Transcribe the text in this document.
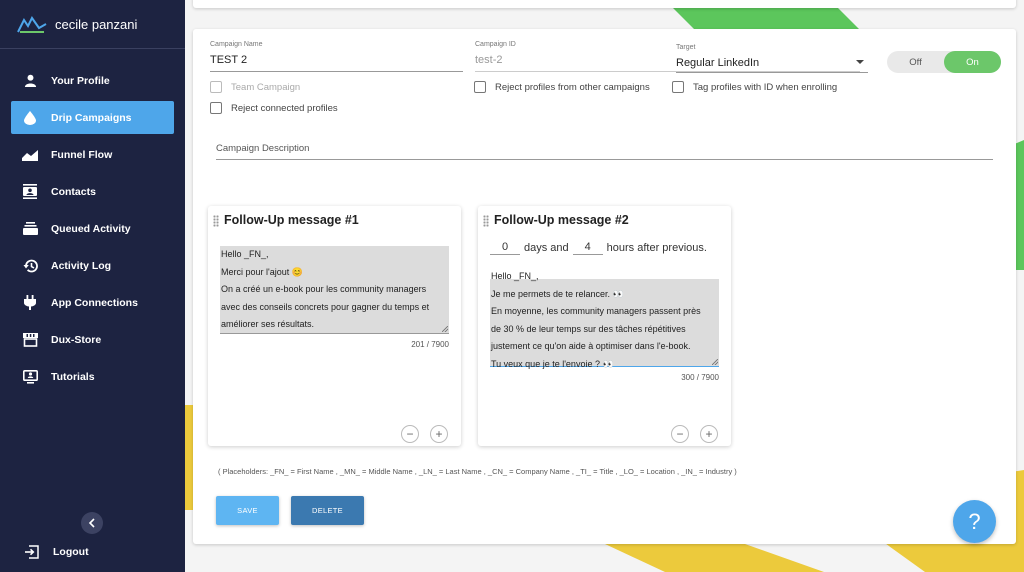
cecile panzani
Your Profile
Drip Campaigns
Funnel Flow
Contacts
Queued Activity
Activity Log
App Connections
Dux-Store
Tutorials
Logout
Campaign Name
TEST 2
Campaign ID
test-2
Target
Regular LinkedIn	Off	On
Team Campaign
Reject connected profiles
Reject profiles from other campaigns	Tag profiles with ID when enrolling
Campaign Description
Follow-Up message #1
Hello _FN_,
Merci pour l'ajout 😊
On a créé un e-book pour les community managers
avec des conseils concrets pour gagner du temps et
améliorer ses résultats.
201 / 7900
− +
Follow-Up message #2
0	days and	4	hours after previous.
Hello _FN_,
Je me permets de te relancer. 👀
En moyenne, les community managers passent près
de 30 % de leur temps sur des tâches répétitives
justement ce qu'on aide à optimiser dans l'e-book.
Tu veux que je te l'envoie ? 👀
300 / 7900
− +
( Placeholders: _FN_ = First Name , _MN_ = Middle Name , _LN_ = Last Name , _CN_ = Company Name , _TI_ = Title , _LO_ = Location , _IN_ = Industry )
SAVE	DELETE	?
